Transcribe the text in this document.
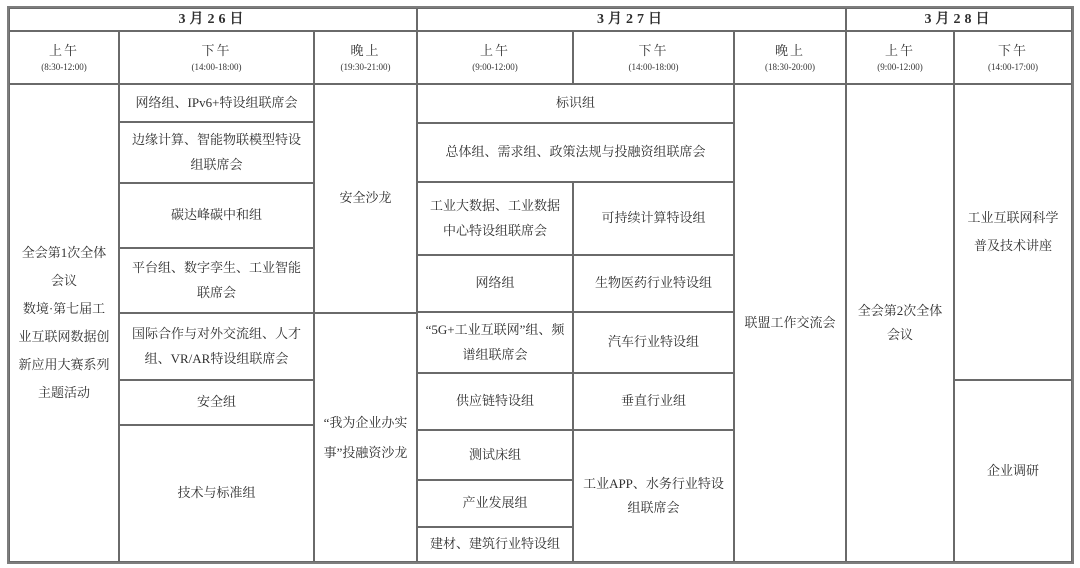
3月26日	3月27日	3月28日
上午
(8:30-12:00)
下午
(14:00-18:00)
晚上
(19:30-21:00)
上午
(9:00-12:00)
下午
(14:00-18:00)
晚上
(18:30-20:00)
上午
(9:00-12:00)
下午
(14:00-17:00)
全会第1次全体会议
数境·第七届工业互联网数据创新应用大赛系列主题活动
网络组、IPv6+特设组联席会
边缘计算、智能物联模型特设组联席会
碳达峰碳中和组
平台组、数字孪生、工业智能联席会
国际合作与对外交流组、人才组、VR/AR特设组联席会
安全组
技术与标准组
安全沙龙
“我为企业办实事”投融资沙龙
标识组
总体组、需求组、政策法规与投融资组联席会
工业大数据、工业数据中心特设组联席会
网络组
“5G+工业互联网”组、频谱组联席会
供应链特设组
测试床组
产业发展组
建材、建筑行业特设组
可持续计算特设组
生物医药行业特设组
汽车行业特设组
垂直行业组
工业APP、水务行业特设组联席会
联盟工作交流会
全会第2次全体会议
工业互联网科学普及技术讲座
企业调研
